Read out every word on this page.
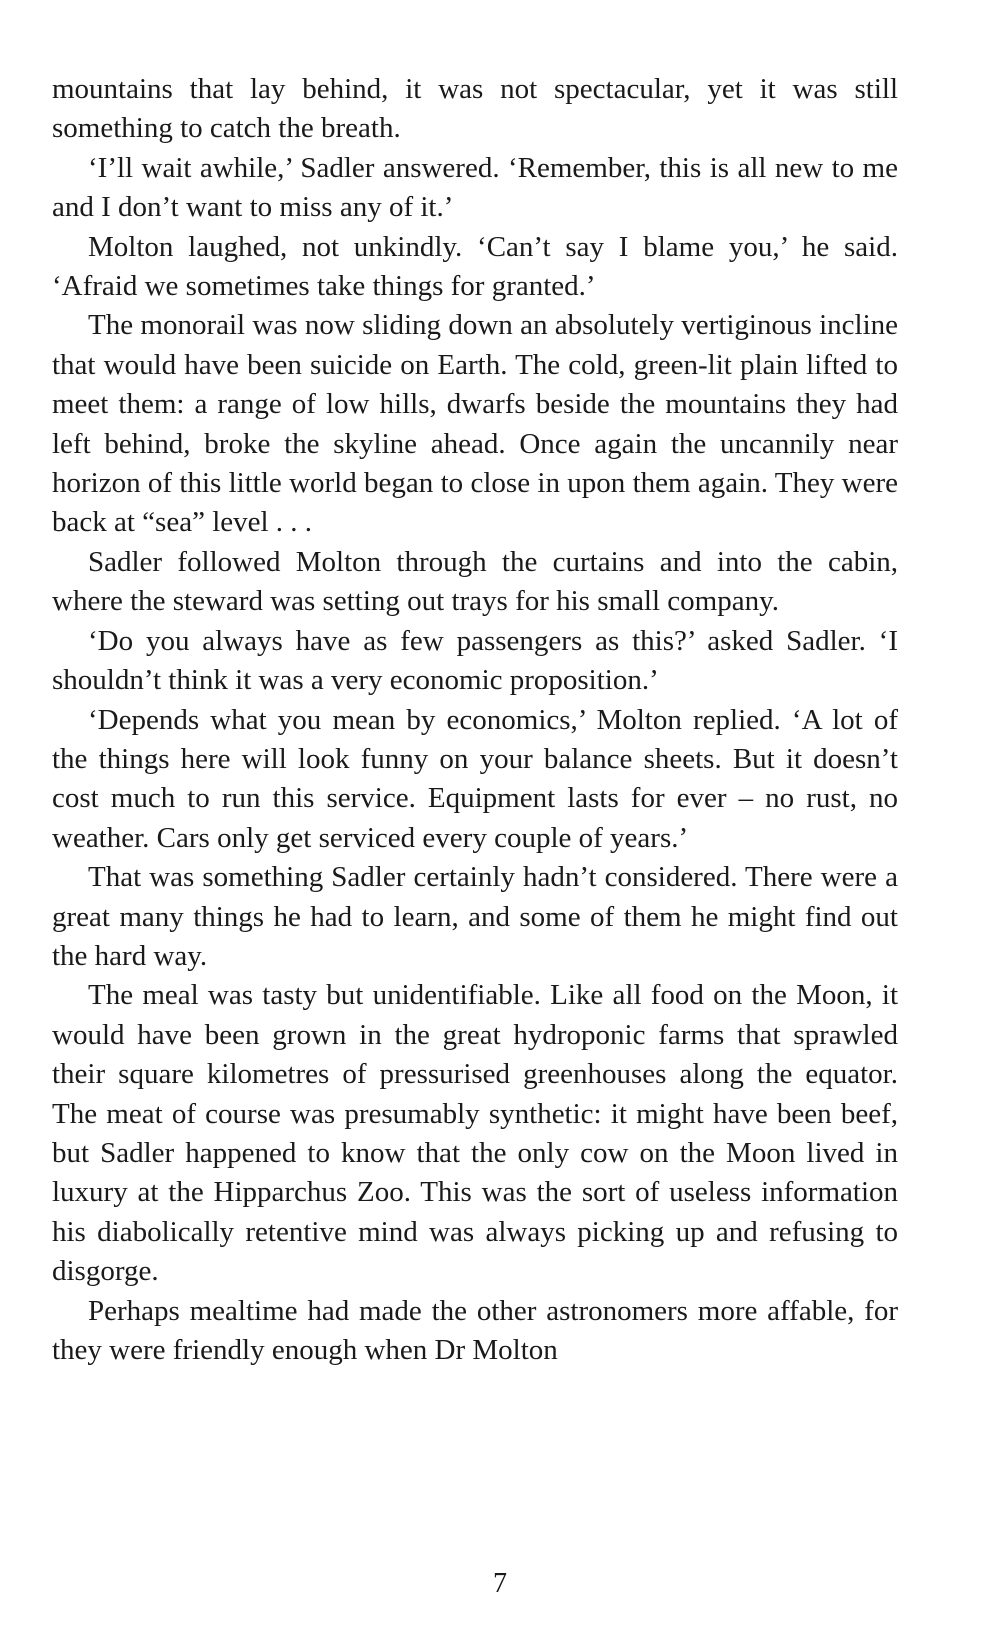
mountains that lay behind, it was not spectacular, yet it was still something to catch the breath.

‘I’ll wait awhile,’ Sadler answered. ‘Remember, this is all new to me and I don’t want to miss any of it.’

Molton laughed, not unkindly. ‘Can’t say I blame you,’ he said. ‘Afraid we sometimes take things for granted.’

The monorail was now sliding down an absolutely vertiginous incline that would have been suicide on Earth. The cold, green-lit plain lifted to meet them: a range of low hills, dwarfs beside the mountains they had left behind, broke the skyline ahead. Once again the uncannily near horizon of this little world began to close in upon them again. They were back at “sea” level . . .

Sadler followed Molton through the curtains and into the cabin, where the steward was setting out trays for his small company.

‘Do you always have as few passengers as this?’ asked Sadler. ‘I shouldn’t think it was a very economic proposition.’

‘Depends what you mean by economics,’ Molton replied. ‘A lot of the things here will look funny on your balance sheets. But it doesn’t cost much to run this service. Equipment lasts for ever – no rust, no weather. Cars only get serviced every couple of years.’

That was something Sadler certainly hadn’t considered. There were a great many things he had to learn, and some of them he might find out the hard way.

The meal was tasty but unidentifiable. Like all food on the Moon, it would have been grown in the great hydroponic farms that sprawled their square kilometres of pressurised greenhouses along the equator. The meat of course was presumably synthetic: it might have been beef, but Sadler happened to know that the only cow on the Moon lived in luxury at the Hipparchus Zoo. This was the sort of useless information his diabolically retentive mind was always picking up and refusing to disgorge.

Perhaps mealtime had made the other astronomers more affable, for they were friendly enough when Dr Molton

7
